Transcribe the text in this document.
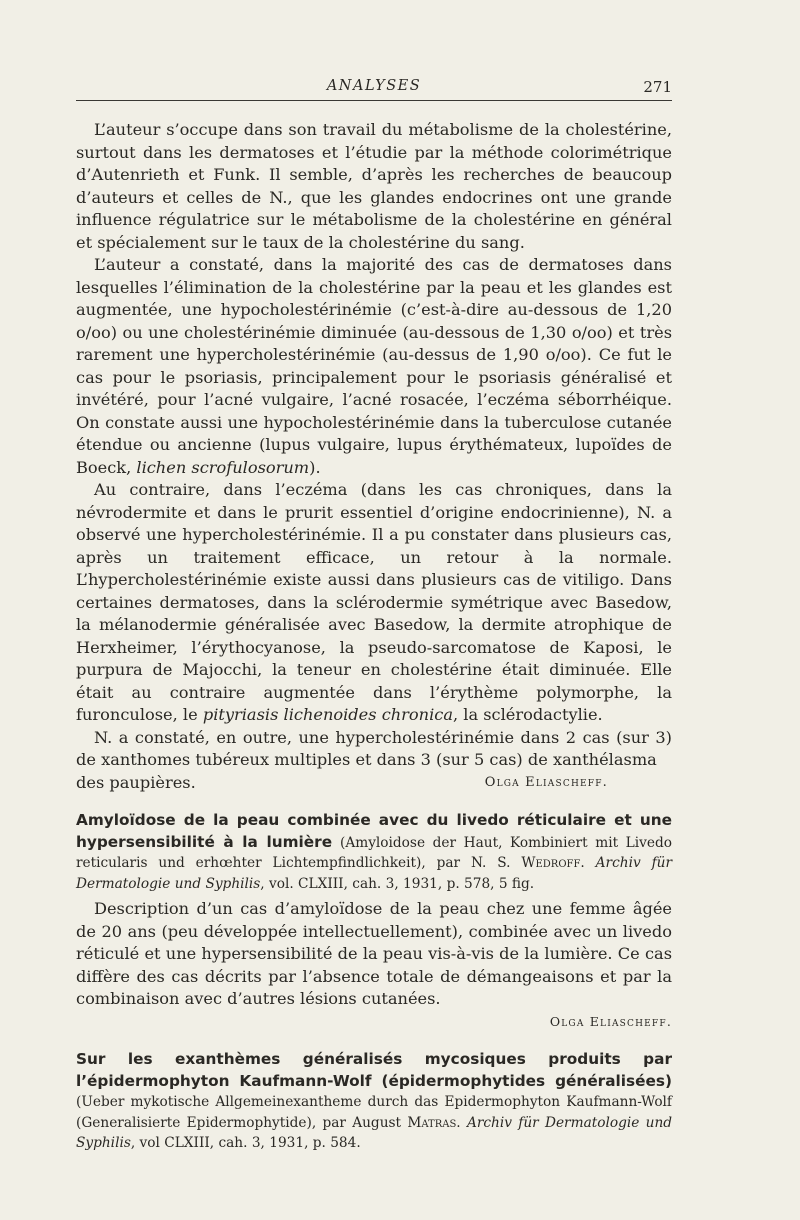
ANALYSES	271

L’auteur s’occupe dans son travail du métabolisme de la cholestérine, surtout dans les dermatoses et l’étudie par la méthode colorimétrique d’Autenrieth et Funk. Il semble, d’après les recherches de beaucoup d’auteurs et celles de N., que les glandes endocrines ont une grande influence régulatrice sur le métabolisme de la cholestérine en général et spécialement sur le taux de la cholestérine du sang.

L’auteur a constaté, dans la majorité des cas de dermatoses dans lesquelles l’élimination de la cholestérine par la peau et les glandes est augmentée, une hypocholestérinémie (c’est-à-dire au-dessous de 1,20 o/oo) ou une cholestérinémie diminuée (au-dessous de 1,30 o/oo) et très rarement une hypercholestérinémie (au-dessus de 1,90 o/oo). Ce fut le cas pour le psoriasis, principalement pour le psoriasis généralisé et invétéré, pour l’acné vulgaire, l’acné rosacée, l’eczéma séborrhéique. On constate aussi une hypocholestérinémie dans la tuberculose cutanée étendue ou ancienne (lupus vulgaire, lupus érythémateux, lupoïdes de Boeck, lichen scrofulosorum).

Au contraire, dans l’eczéma (dans les cas chroniques, dans la névrodermite et dans le prurit essentiel d’origine endocrinienne), N. a observé une hypercholestérinémie. Il a pu constater dans plusieurs cas, après un traitement efficace, un retour à la normale. L’hypercholestérinémie existe aussi dans plusieurs cas de vitiligo. Dans certaines dermatoses, dans la sclérodermie symétrique avec Basedow, la mélanodermie généralisée avec Basedow, la dermite atrophique de Herxheimer, l’érythocyanose, la pseudo-sarcomatose de Kaposi, le purpura de Majocchi, la teneur en cholestérine était diminuée. Elle était au contraire augmentée dans l’érythème polymorphe, la furonculose, le pityriasis lichenoides chronica, la sclérodactylie.

N. a constaté, en outre, une hypercholestérinémie dans 2 cas (sur 3) de xanthomes tubéreux multiples et dans 3 (sur 5 cas) de xanthélasma

des paupières.	Olga Eliascheff.
Amyloïdose de la peau combinée avec du livedo réticulaire et une hypersensibilité à la lumière (Amyloidose der Haut, Kombiniert mit Livedo reticularis und erhœhter Lichtempfindlichkeit), par N. S. Wedroff. Archiv für Dermatologie und Syphilis, vol. CLXIII, cah. 3, 1931, p. 578, 5 fig.

Description d’un cas d’amyloïdose de la peau chez une femme âgée de 20 ans (peu développée intellectuellement), combinée avec un livedo réticulé et une hypersensibilité de la peau vis-à-vis de la lumière. Ce cas diffère des cas décrits par l’absence totale de démangeaisons et par la combinaison avec d’autres lésions cutanées.

Olga Eliascheff.

Sur les exanthèmes généralisés mycosiques produits par l’épidermophyton Kaufmann-Wolf (épidermophytides généralisées) (Ueber mykotische Allgemeinexantheme durch das Epidermophyton Kaufmann-Wolf (Generalisierte Epidermophytide), par August Matras. Archiv für Dermatologie und Syphilis, vol CLXIII, cah. 3, 1931, p. 584.
